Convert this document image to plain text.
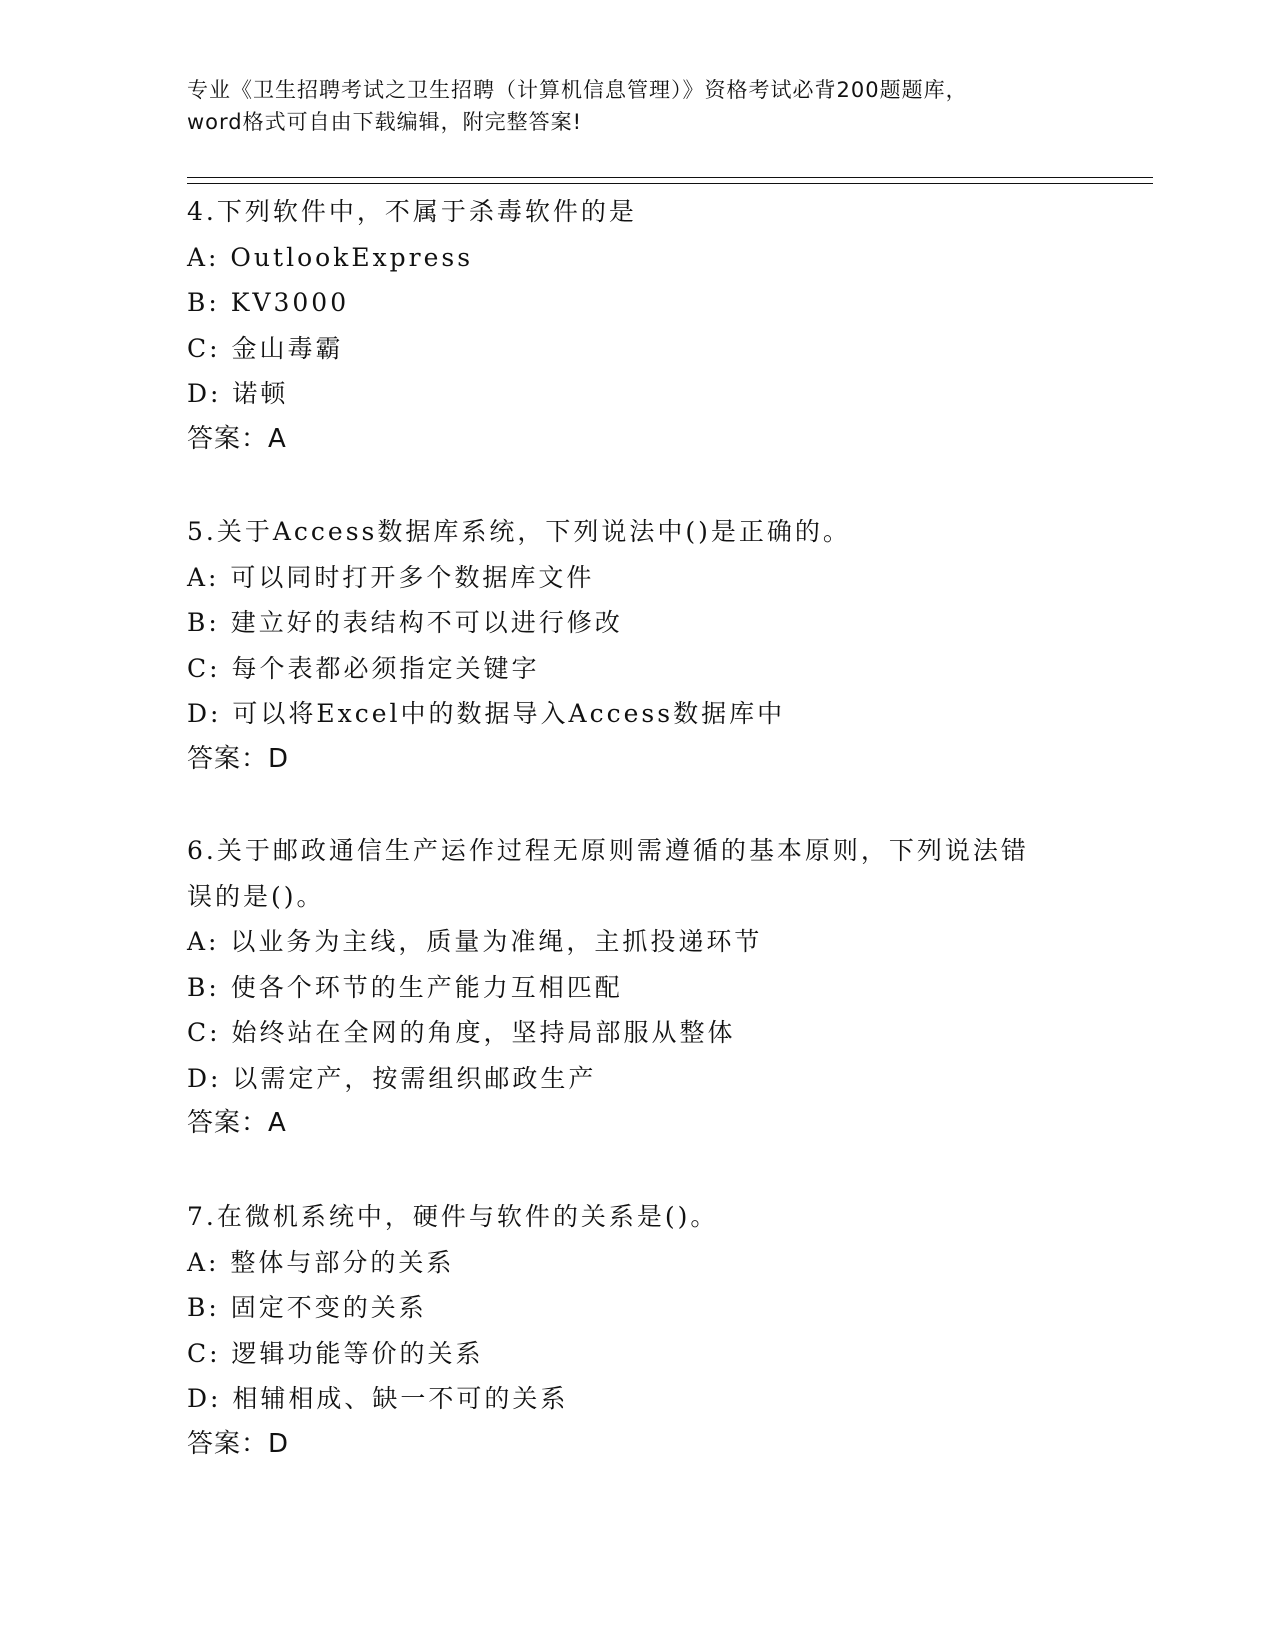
专业《卫生招聘考试之卫生招聘（计算机信息管理）》资格考试必背200题题库，
word格式可自由下载编辑，附完整答案!
4.下列软件中，不属于杀毒软件的是
A: OutlookExpress
B: KV3000
C: 金山毒霸
D: 诺顿
答案：A
5.关于Access数据库系统，下列说法中()是正确的。
A: 可以同时打开多个数据库文件
B: 建立好的表结构不可以进行修改
C: 每个表都必须指定关键字
D: 可以将Excel中的数据导入Access数据库中
答案：D
6.关于邮政通信生产运作过程无原则需遵循的基本原则，下列说法错
误的是()。
A: 以业务为主线，质量为准绳，主抓投递环节
B: 使各个环节的生产能力互相匹配
C: 始终站在全网的角度，坚持局部服从整体
D: 以需定产，按需组织邮政生产
答案：A
7.在微机系统中，硬件与软件的关系是()。
A: 整体与部分的关系
B: 固定不变的关系
C: 逻辑功能等价的关系
D: 相辅相成、缺一不可的关系
答案：D
